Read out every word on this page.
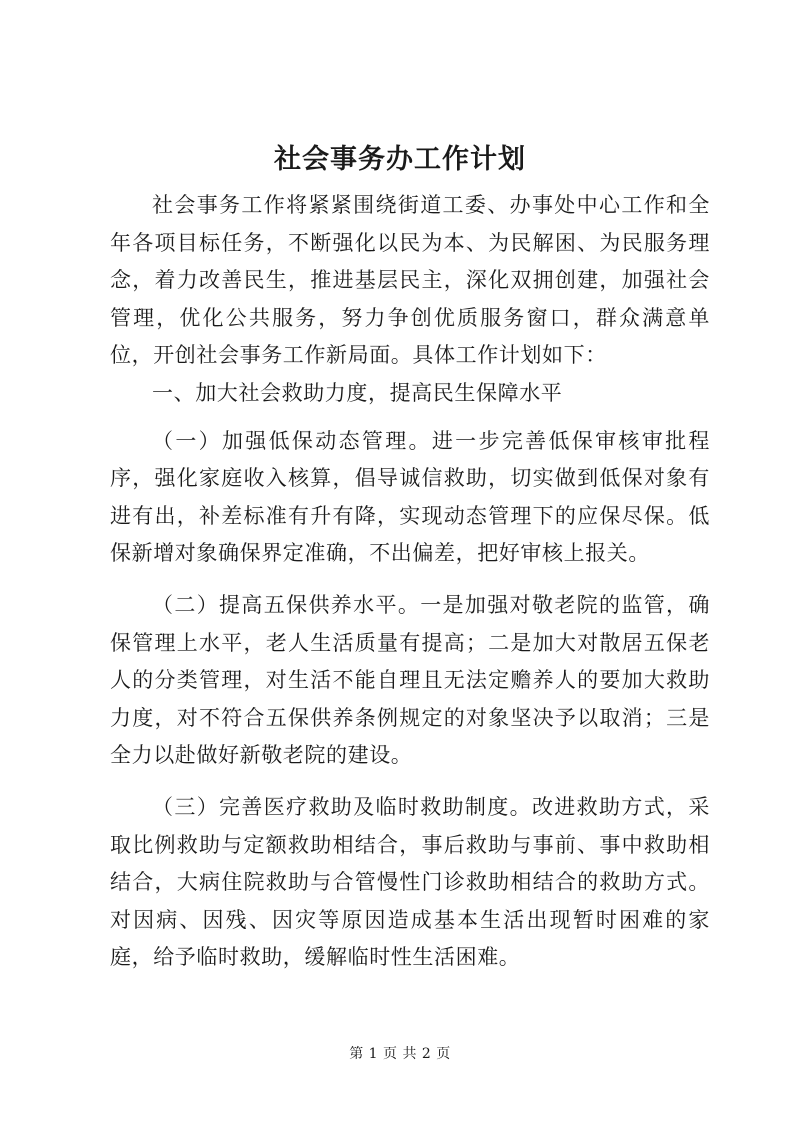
社会事务办工作计划

社会事务工作将紧紧围绕街道工委、办事处中心工作和全年各项目标任务，不断强化以民为本、为民解困、为民服务理念，着力改善民生，推进基层民主，深化双拥创建，加强社会管理，优化公共服务，努力争创优质服务窗口，群众满意单位，开创社会事务工作新局面。具体工作计划如下：

一、加大社会救助力度，提高民生保障水平

（一）加强低保动态管理。进一步完善低保审核审批程序，强化家庭收入核算，倡导诚信救助，切实做到低保对象有进有出，补差标准有升有降，实现动态管理下的应保尽保。低保新增对象确保界定准确，不出偏差，把好审核上报关。

（二）提高五保供养水平。一是加强对敬老院的监管，确保管理上水平，老人生活质量有提高；二是加大对散居五保老人的分类管理，对生活不能自理且无法定赡养人的要加大救助力度，对不符合五保供养条例规定的对象坚决予以取消；三是全力以赴做好新敬老院的建设。

（三）完善医疗救助及临时救助制度。改进救助方式，采取比例救助与定额救助相结合，事后救助与事前、事中救助相结合，大病住院救助与合管慢性门诊救助相结合的救助方式。对因病、因残、因灾等原因造成基本生活出现暂时困难的家庭，给予临时救助，缓解临时性生活困难。

第 1 页 共 2 页
